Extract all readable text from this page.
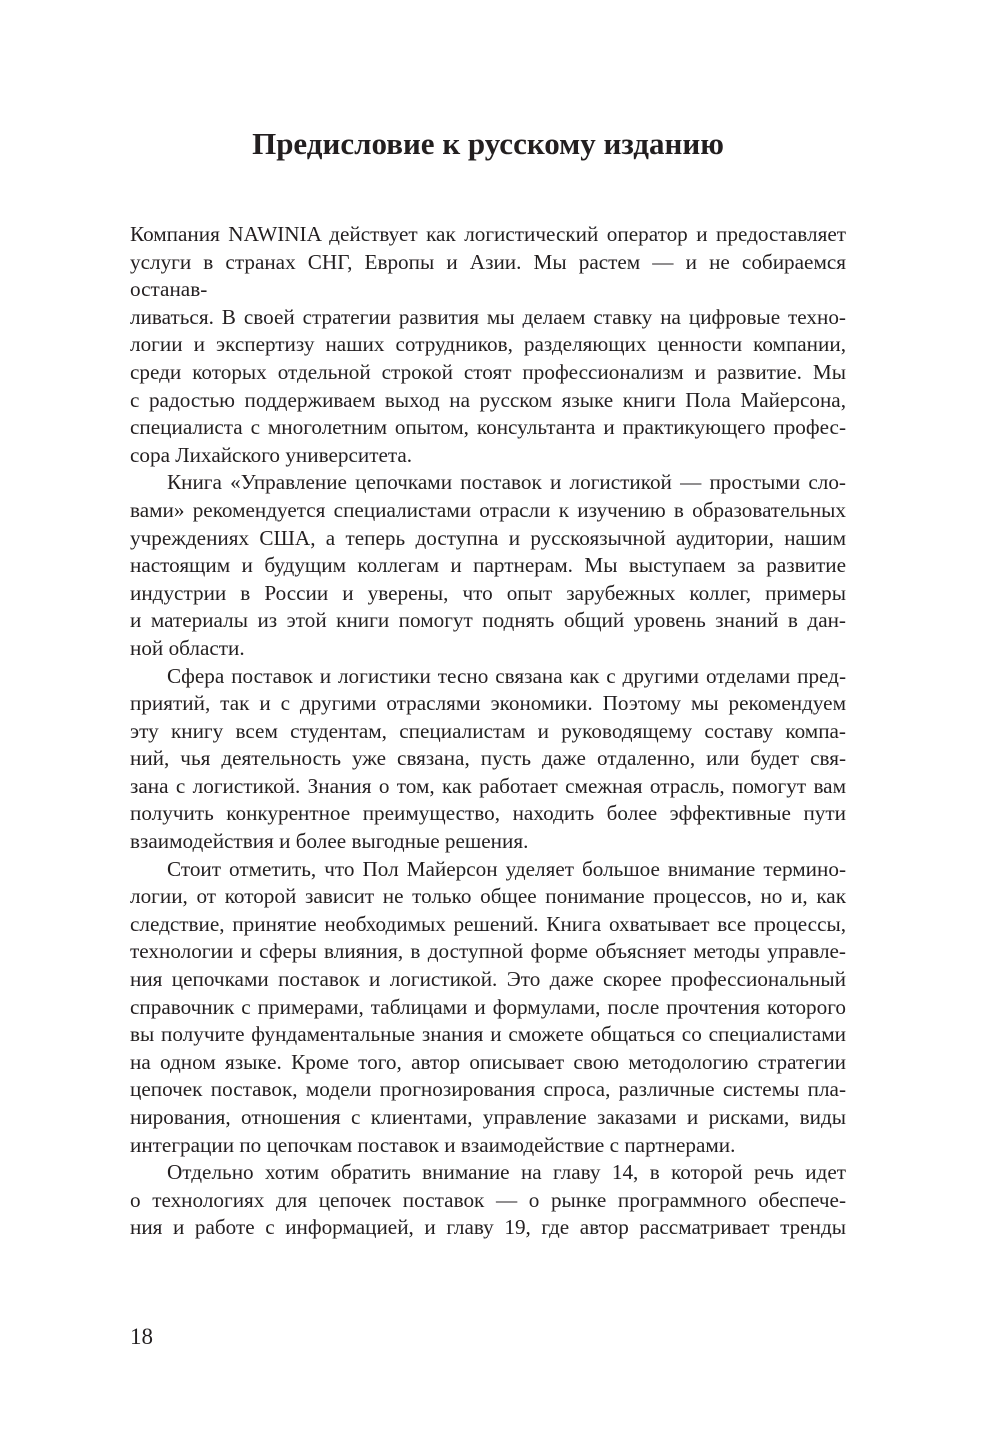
Предисловие к русскому изданию

Компания NAWINIA действует как логистический оператор и предоставляет
услуги в странах СНГ, Европы и Азии. Мы растем — и не собираемся останав-
ливаться. В своей стратегии развития мы делаем ставку на цифровые техно-
логии и экспертизу наших сотрудников, разделяющих ценности компании,
среди которых отдельной строкой стоят профессионализм и развитие. Мы
с радостью поддерживаем выход на русском языке книги Пола Майерсона,
специалиста с многолетним опытом, консультанта и практикующего профес-

сора Лихайского университета.

Книга «Управление цепочками поставок и логистикой — простыми сло-
вами» рекомендуется специалистами отрасли к изучению в образовательных
учреждениях США, а теперь доступна и русскоязычной аудитории, нашим
настоящим и будущим коллегам и партнерам. Мы выступаем за развитие
индустрии в России и уверены, что опыт зарубежных коллег, примеры
и материалы из этой книги помогут поднять общий уровень знаний в дан-

ной области.

Сфера поставок и логистики тесно связана как с другими отделами пред-
приятий, так и с другими отраслями экономики. Поэтому мы рекомендуем
эту книгу всем студентам, специалистам и руководящему составу компа-
ний, чья деятельность уже связана, пусть даже отдаленно, или будет свя-
зана с логистикой. Знания о том, как работает смежная отрасль, помогут вам
получить конкурентное преимущество, находить более эффективные пути

взаимодействия и более выгодные решения.

Стоит отметить, что Пол Майерсон уделяет большое внимание термино-
логии, от которой зависит не только общее понимание процессов, но и, как
следствие, принятие необходимых решений. Книга охватывает все процессы,
технологии и сферы влияния, в доступной форме объясняет методы управле-
ния цепочками поставок и логистикой. Это даже скорее профессиональный
справочник с примерами, таблицами и формулами, после прочтения которого
вы получите фундаментальные знания и сможете общаться со специалистами
на одном языке. Кроме того, автор описывает свою методологию стратегии
цепочек поставок, модели прогнозирования спроса, различные системы пла-
нирования, отношения с клиентами, управление заказами и рисками, виды

интеграции по цепочкам поставок и взаимодействие с партнерами.

Отдельно хотим обратить внимание на главу 14, в которой речь идет
о технологиях для цепочек поставок — о рынке программного обеспече-
ния и работе с информацией, и главу 19, где автор рассматривает тренды

18
